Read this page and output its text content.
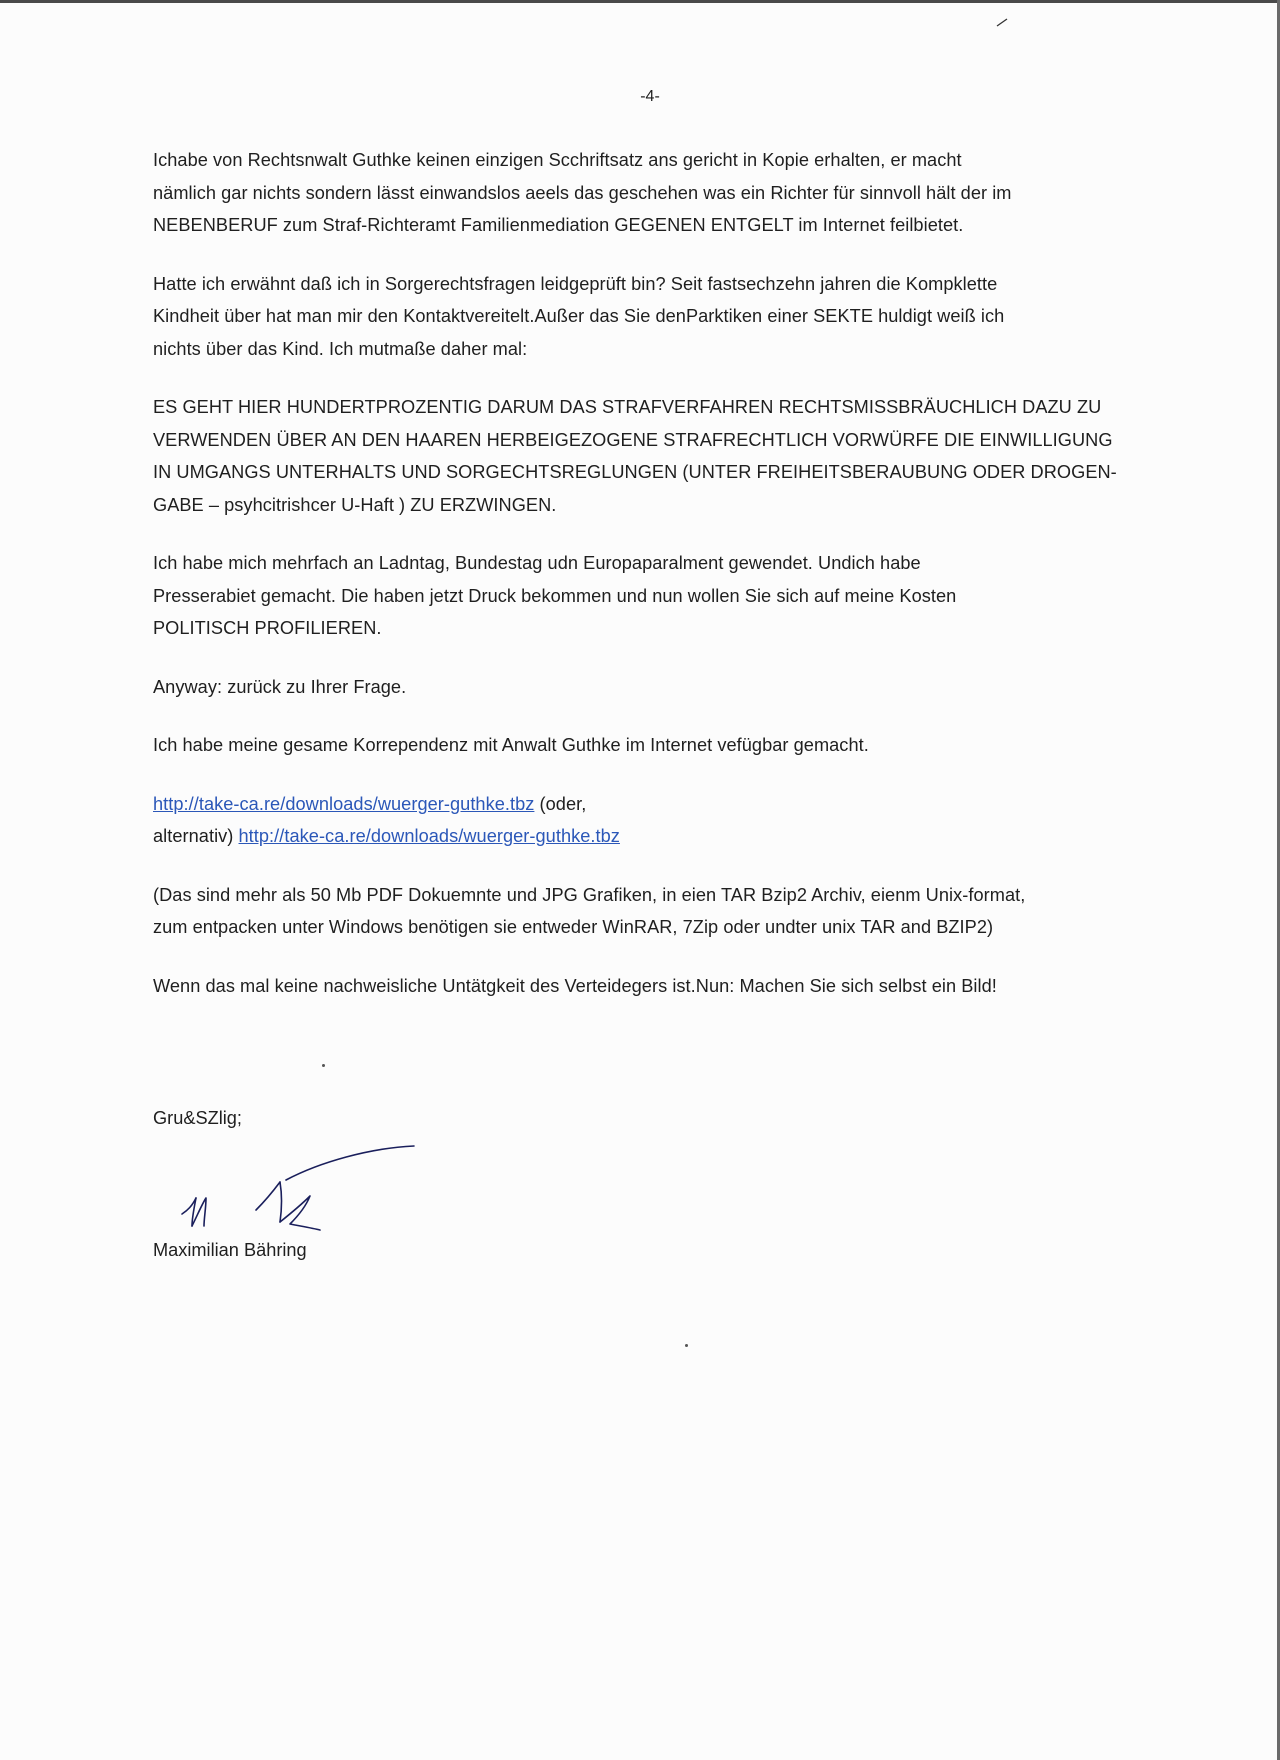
-4-

Ichabe von Rechtsnwalt Guthke keinen einzigen Scchriftsatz ans gericht in Kopie erhalten, er macht
nämlich gar nichts sondern lässt einwandslos aeels das geschehen was ein Richter für sinnvoll hält der im
NEBENBERUF zum Straf-Richteramt Familienmediation GEGENEN ENTGELT im Internet feilbietet.

Hatte ich erwähnt daß ich in Sorgerechtsfragen leidgeprüft bin? Seit fastsechzehn jahren die Kompklette
Kindheit über hat man mir den Kontaktvereitelt.Außer das Sie denParktiken einer SEKTE huldigt weiß ich
nichts über das Kind. Ich mutmaße daher mal:

ES GEHT HIER HUNDERTPROZENTIG DARUM DAS STRAFVERFAHREN RECHTSMISSBRÄUCHLICH DAZU ZU
VERWENDEN ÜBER AN DEN HAAREN HERBEIGEZOGENE STRAFRECHTLICH VORWÜRFE DIE EINWILLIGUNG
IN UMGANGS UNTERHALTS UND SORGECHTSREGLUNGEN (UNTER FREIHEITSBERAUBUNG ODER DROGEN-
GABE – psyhcitrishcer U-Haft ) ZU ERZWINGEN.

Ich habe mich mehrfach an Ladntag, Bundestag udn Europaparalment gewendet. Undich habe
Presserabiet gemacht. Die haben jetzt Druck bekommen und nun wollen Sie sich auf meine Kosten
POLITISCH PROFILIEREN.

Anyway: zurück zu Ihrer Frage.

Ich habe meine gesame Korrependenz mit Anwalt Guthke im Internet vefügbar gemacht.

http://take-ca.re/downloads/wuerger-guthke.tbz (oder,
alternativ) http://take-ca.re/downloads/wuerger-guthke.tbz

(Das sind mehr als 50 Mb PDF Dokuemnte und JPG Grafiken, in eien TAR Bzip2 Archiv, eienm Unix-format,
zum entpacken unter Windows benötigen sie entweder WinRAR, 7Zip oder undter unix TAR and BZIP2)

Wenn das mal keine nachweisliche Untätgkeit des Verteidegers ist.Nun: Machen Sie sich selbst ein Bild!

Gru&SZlig;
Maximilian Bähring
